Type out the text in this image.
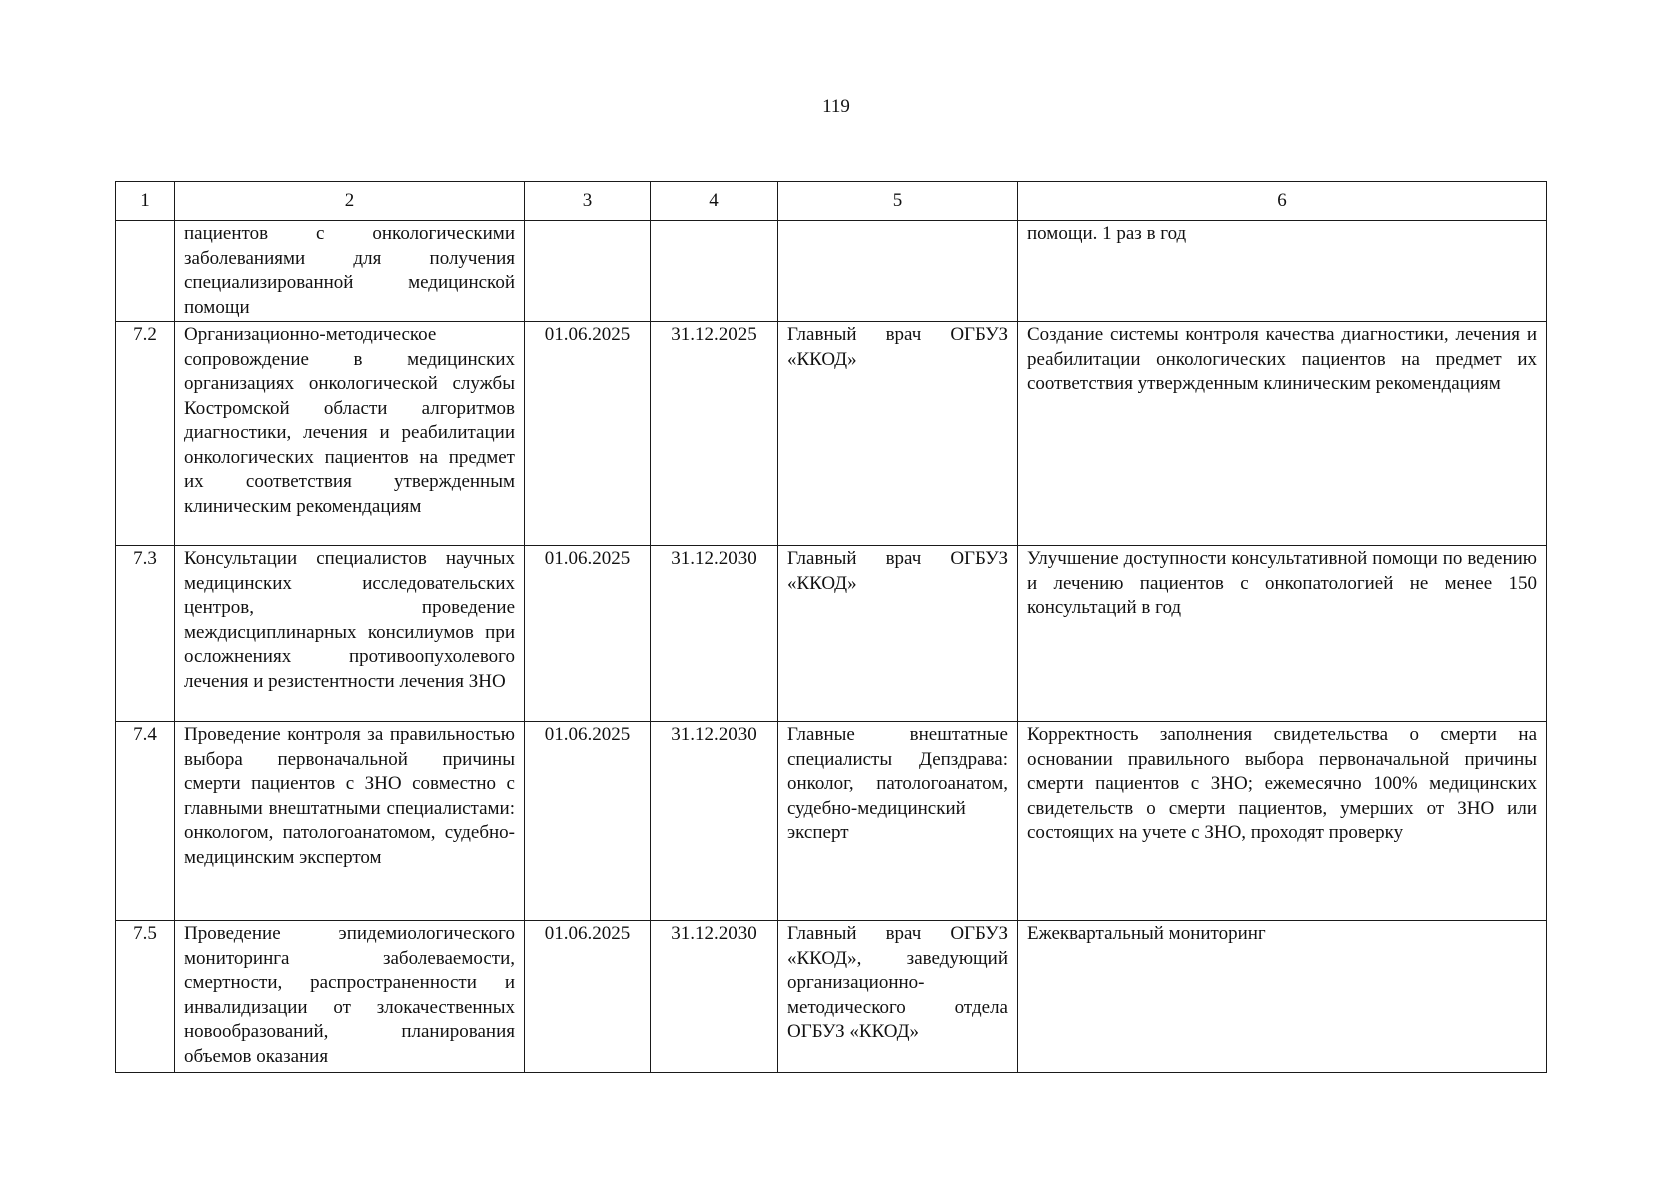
119
1	2	3	4	5	6
	пациентов с онкологическими заболеваниями для получения специализированной медицинской помощи				помощи. 1 раз в год
7.2	Организационно-методическое сопровождение в медицинских организациях онкологической службы Костромской области алгоритмов диагностики, лечения и реабилитации онкологических пациентов на предмет их соответствия утвержденным клиническим рекомендациям	01.06.2025	31.12.2025	Главный врач ОГБУЗ «ККОД»	Создание системы контроля качества диагностики, лечения и реабилитации онкологических пациентов на предмет их соответствия утвержденным клиническим рекомендациям
7.3	Консультации специалистов научных медицинских исследовательских центров, проведение междисциплинарных консилиумов при осложнениях противоопухолевого лечения и резистентности лечения ЗНО	01.06.2025	31.12.2030	Главный врач ОГБУЗ «ККОД»	Улучшение доступности консультативной помощи по ведению и лечению пациентов с онкопатологией не менее 150 консультаций в год
7.4	Проведение контроля за правильностью выбора первоначальной причины смерти пациентов с ЗНО совместно с главными внештатными специалистами: онкологом, патологоанатомом, судебно-медицинским экспертом	01.06.2025	31.12.2030	Главные внештатные специалисты Депздрава: онколог, патологоанатом, судебно-медицинский эксперт	Корректность заполнения свидетельства о смерти на основании правильного выбора первоначальной причины смерти пациентов с ЗНО; ежемесячно 100% медицинских свидетельств о смерти пациентов, умерших от ЗНО или состоящих на учете с ЗНО, проходят проверку
7.5	Проведение эпидемиологического мониторинга заболеваемости, смертности, распространенности и инвалидизации от злокачественных новообразований, планирования объемов оказания	01.06.2025	31.12.2030	Главный врач ОГБУЗ «ККОД», заведующий организационно-методического отдела ОГБУЗ «ККОД»	Ежеквартальный мониторинг
